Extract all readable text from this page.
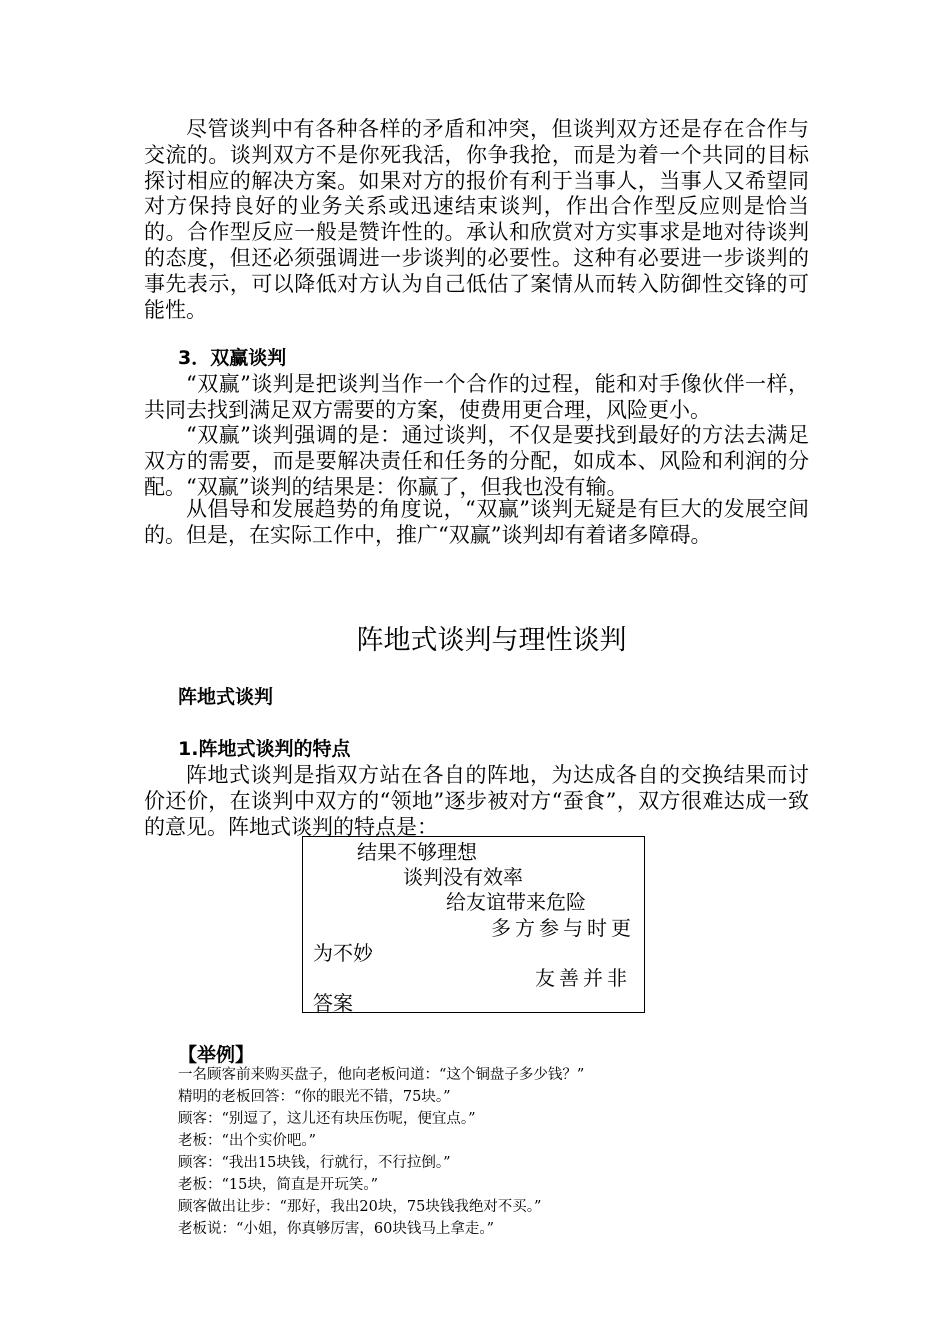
尽管谈判中有各种各样的矛盾和冲突，但谈判双方还是存在合作与交流的。谈判双方不是你死我活，你争我抢，而是为着一个共同的目标探讨相应的解决方案。如果对方的报价有利于当事人，当事人又希望同对方保持良好的业务关系或迅速结束谈判，作出合作型反应则是恰当的。合作型反应一般是赞许性的。承认和欣赏对方实事求是地对待谈判的态度，但还必须强调进一步谈判的必要性。这种有必要进一步谈判的事先表示，可以降低对方认为自己低估了案情从而转入防御性交锋的可能性。

3．双赢谈判

“双赢”谈判是把谈判当作一个合作的过程，能和对手像伙伴一样，共同去找到满足双方需要的方案，使费用更合理，风险更小。

“双赢”谈判强调的是：通过谈判，不仅是要找到最好的方法去满足双方的需要，而是要解决责任和任务的分配，如成本、风险和利润的分配。“双赢”谈判的结果是：你赢了，但我也没有输。

从倡导和发展趋势的角度说，“双赢”谈判无疑是有巨大的发展空间的。但是，在实际工作中，推广“双赢”谈判却有着诸多障碍。

阵地式谈判与理性谈判
阵地式谈判
1.阵地式谈判的特点

阵地式谈判是指双方站在各自的阵地，为达成各自的交换结果而讨价还价，在谈判中双方的“领地”逐步被对方“蚕食”，双方很难达成一致的意见。阵地式谈判的特点是：

结果不够理想

谈判没有效率

给友谊带来危险

多方参与时更

为不妙

友善并非

答案

【举例】

一名顾客前来购买盘子，他向老板问道：“这个铜盘子多少钱？”

精明的老板回答：“你的眼光不错，75块。”

顾客：“别逗了，这儿还有块压伤呢，便宜点。”

老板：“出个实价吧。”

顾客：“我出15块钱，行就行，不行拉倒。”

老板：“15块，简直是开玩笑。”

顾客做出让步：“那好，我出20块，75块钱我绝对不买。”

老板说：“小姐，你真够厉害，60块钱马上拿走。”
